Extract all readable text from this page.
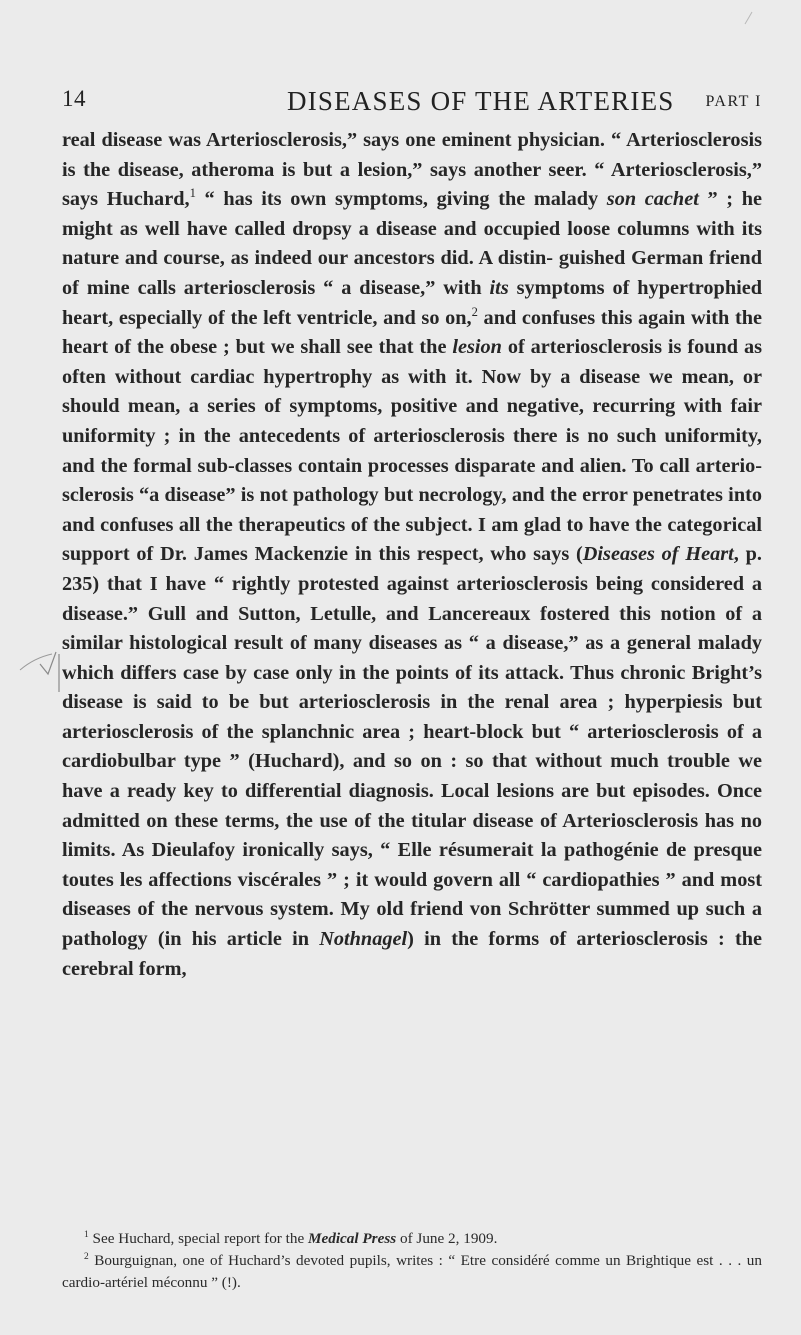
14	DISEASES OF THE ARTERIES PART I

real disease was Arteriosclerosis,” says one eminent physician. “ Arteriosclerosis is the disease, atheroma is but a lesion,” says another seer. “ Arteriosclerosis,” says Huchard,$^1$ “ has its own symptoms, giving the malady son cachet ” ; he might as well have called dropsy a disease and occupied loose columns with its nature and course, as indeed our ancestors did. A distin- guished German friend of mine calls arteriosclerosis “ a disease,” with its symptoms of hypertrophied heart, especially of the left ventricle, and so on,$^2$ and confuses this again with the heart of the obese ; but we shall see that the lesion of arteriosclerosis is found as often without cardiac hypertrophy as with it. Now by a disease we mean, or should mean, a series of symptoms, positive and negative, recurring with fair uniformity ; in the antecedents of arteriosclerosis there is no such uniformity, and the formal sub-classes contain processes disparate and alien. To call arterio- sclerosis “a disease” is not pathology but necrology, and the error penetrates into and confuses all the therapeutics of the subject. I am glad to have the categorical support of Dr. James Mackenzie in this respect, who says (Diseases of Heart, p. 235) that I have “ rightly protested against arteriosclerosis being considered a disease.” Gull and Sutton, Letulle, and Lancereaux fostered this notion of a similar histological result of many diseases as “ a disease,” as a general malady which differs case by case only in the points of its attack. Thus chronic Bright’s disease is said to be but arteriosclerosis in the renal area ; hyperpiesis but arteriosclerosis of the splanchnic area ; heart-block but “ arteriosclerosis of a cardiobulbar type ” (Huchard), and so on : so that without much trouble we have a ready key to differential diagnosis. Local lesions are but episodes. Once admitted on these terms, the use of the titular disease of Arteriosclerosis has no limits. As Dieulafoy ironically says, “ Elle résumerait la pathogénie de presque toutes les affections viscérales ” ; it would govern all “ cardiopathies ” and most diseases of the nervous system. My old friend von Schrötter summed up such a pathology (in his article in Nothnagel) in the forms of arteriosclerosis : the cerebral form,

$^1$ See Huchard, special report for the Medical Press of June 2, 1909.

$^2$ Bourguignan, one of Huchard’s devoted pupils, writes : “ Etre considéré comme un Brightique est . . . un cardio-artériel méconnu ” (!).
